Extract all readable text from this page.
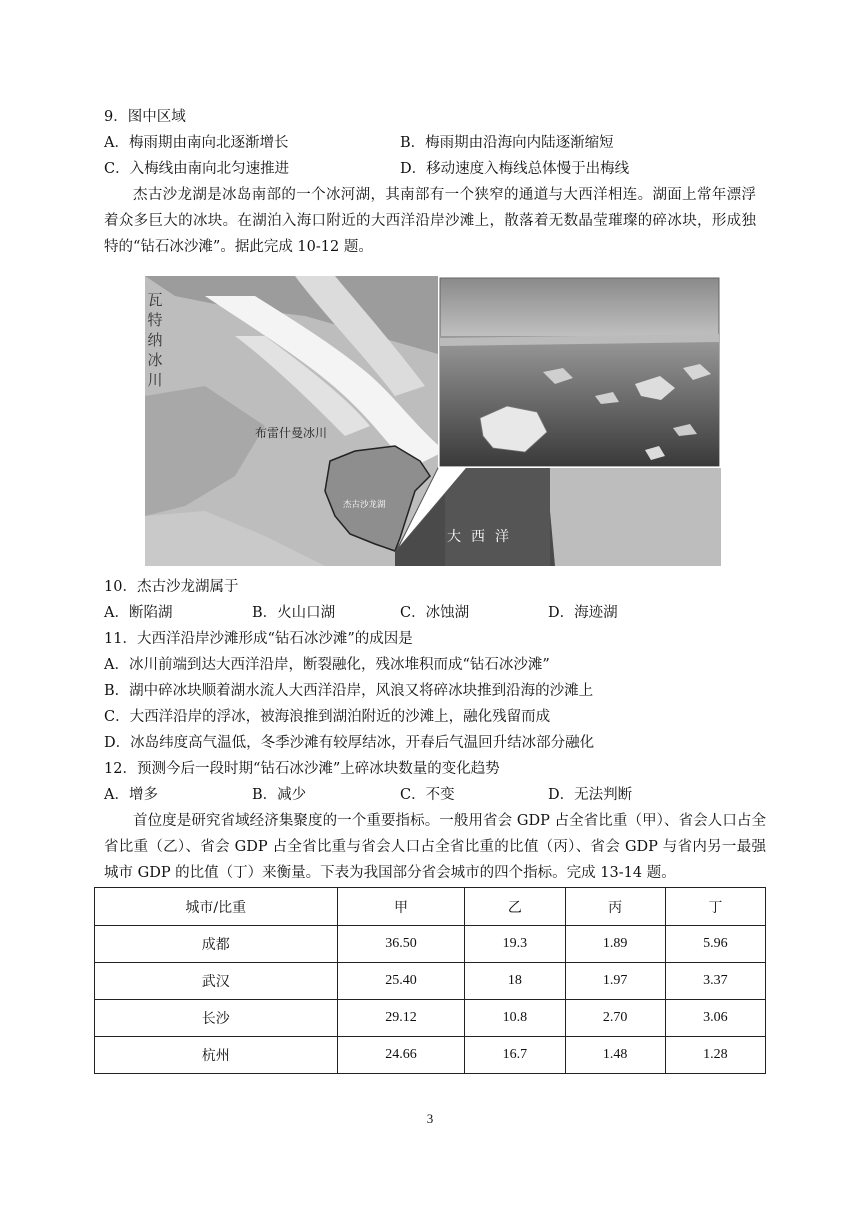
9．图中区域
A．梅雨期由南向北逐渐增长	B．梅雨期由沿海向内陆逐渐缩短
C．入梅线由南向北匀速推进	D．移动速度入梅线总体慢于出梅线
杰古沙龙湖是冰岛南部的一个冰河湖，其南部有一个狭窄的通道与大西洋相连。湖面上常年漂浮着众多巨大的冰块。在湖泊入海口附近的大西洋沿岸沙滩上，散落着无数晶莹璀璨的碎冰块，形成独特的“钻石冰沙滩”。据此完成 10-12 题。
瓦特纳冰川
布雷什曼冰川
杰古沙龙湖
大西洋
10．杰古沙龙湖属于
A．断陷湖	B．火山口湖	C．冰蚀湖	D．海迹湖
11．大西洋沿岸沙滩形成“钻石冰沙滩”的成因是
A．冰川前端到达大西洋沿岸，断裂融化，残冰堆积而成“钻石冰沙滩”
B．湖中碎冰块顺着湖水流人大西洋沿岸，风浪又将碎冰块推到沿海的沙滩上
C．大西洋沿岸的浮冰，被海浪推到湖泊附近的沙滩上，融化残留而成
D．冰岛纬度高气温低，冬季沙滩有较厚结冰，开春后气温回升结冰部分融化
12．预测今后一段时期“钻石冰沙滩”上碎冰块数量的变化趋势
A．增多	B．减少	C．不变	D．无法判断
首位度是研究省域经济集聚度的一个重要指标。一般用省会 GDP 占全省比重（甲）、省会人口占全省比重（乙）、省会 GDP 占全省比重与省会人口占全省比重的比值（丙）、省会 GDP 与省内另一最强城市 GDP 的比值（丁）来衡量。下表为我国部分省会城市的四个指标。完成 13-14 题。
城市/比重	甲	乙	丙	丁
成都	36.50	19.3	1.89	5.96
武汉	25.40	18	1.97	3.37
长沙	29.12	10.8	2.70	3.06
杭州	24.66	16.7	1.48	1.28
3
